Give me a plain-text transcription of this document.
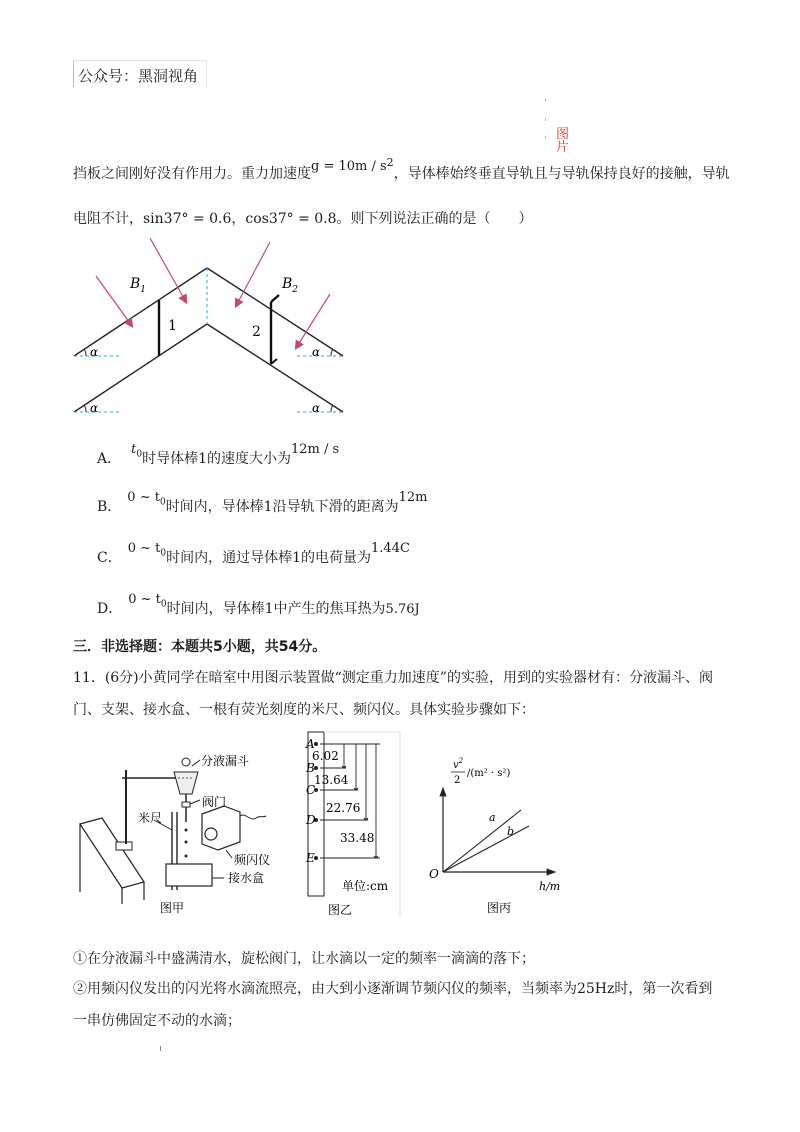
公众号：黑洞视角
图片
挡板之间刚好没有作用力。重力加速度$g = 10m / s^2$，导体棒始终垂直导轨且与导轨保持良好的接触，导轨
电阻不计，sin37° = 0.6，cos37° = 0.8。则下列说法正确的是（　　）
α
α
α
α
1	2
$B_1$	$B_2$
A．$t_0$时导体棒1的速度大小为12m / s
B．0 ~ $t_0$时间内，导体棒1沿导轨下滑的距离为12m
C．0 ~ $t_0$时间内，通过导体棒1的电荷量为1.44C
D．0 ~ $t_0$时间内，导体棒1中产生的焦耳热为5.76J
三．非选择题：本题共5小题，共54分。
11．(6分)小黄同学在暗室中用图示装置做“测定重力加速度”的实验，用到的实验器材有：分液漏斗、阀
门、支架、接水盒、一根有荧光刻度的米尺、频闪仪。具体实验步骤如下：
分液漏斗
阀门
米尺
频闪仪
接水盒
图甲
A
B
C
D
E
6.02
13.64
22.76
33.48
单位:cm
图乙
a
b
O
h/m
$v^2$
2
/(m² · s²)
图丙
①在分液漏斗中盛满清水，旋松阀门，让水滴以一定的频率一滴滴的落下；
②用频闪仪发出的闪光将水滴流照亮，由大到小逐渐调节频闪仪的频率，当频率为25Hz时，第一次看到
一串仿佛固定不动的水滴；
